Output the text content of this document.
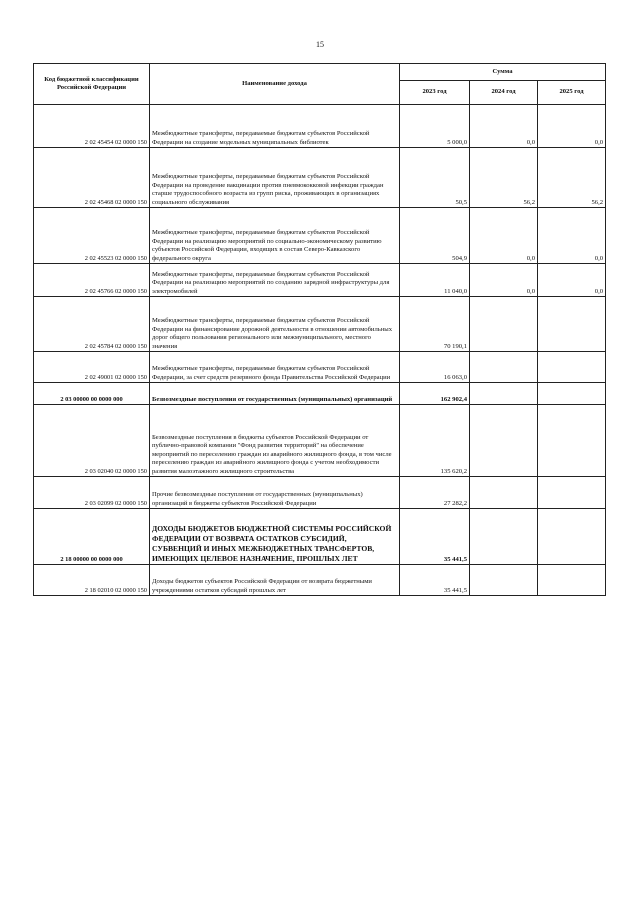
15
Код бюджетной классификации Российской Федерации	Наименование дохода	Сумма		
		2023 год	2024 год	2025 год
2 02 45454 02 0000 150	Межбюджетные трансферты, передаваемые бюджетам субъектов Российской Федерации на создание модельных муниципальных библиотек	5 000,0	0,0	0,0
2 02 45468 02 0000 150	Межбюджетные трансферты, передаваемые бюджетам субъектов Российской Федерации на проведение вакцинации против пневмококковой инфекции граждан старше трудоспособного возраста из групп риска, проживающих в организациях социального обслуживания	50,5	56,2	56,2
2 02 45523 02 0000 150	Межбюджетные трансферты, передаваемые бюджетам субъектов Российской Федерации на реализацию мероприятий по социально-экономическому развитию субъектов Российской Федерации, входящих в состав Северо-Кавказского федерального округа	504,9	0,0	0,0
2 02 45766 02 0000 150	Межбюджетные трансферты, передаваемые бюджетам субъектов Российской Федерации на реализацию мероприятий по созданию зарядной инфраструктуры для электромобилей	11 040,0	0,0	0,0
2 02 45784 02 0000 150	Межбюджетные трансферты, передаваемые бюджетам субъектов Российской Федерации на финансирование дорожной деятельности в отношении автомобильных дорог общего пользования регионального или межмуниципального, местного значения	70 190,1		
2 02 49001 02 0000 150	Межбюджетные трансферты, передаваемые бюджетам субъектов Российской Федерации, за счет средств резервного фонда Правительства Российской Федерации	16 063,0		
2 03 00000 00 0000 000	Безвозмездные поступления от государственных (муниципальных) организаций	162 902,4		
2 03 02040 02 0000 150	Безвозмездные поступления в бюджеты субъектов Российской Федерации от публично-правовой компании "Фонд развития территорий" на обеспечение мероприятий по переселению граждан из аварийного жилищного фонда, в том числе переселению граждан из аварийного жилищного фонда с учетом необходимости развития малоэтажного жилищного строительства	135 620,2		
2 03 02099 02 0000 150	Прочие безвозмездные поступления от государственных (муниципальных) организаций в бюджеты субъектов Российской Федерации	27 282,2		
2 18 00000 00 0000 000	ДОХОДЫ БЮДЖЕТОВ БЮДЖЕТНОЙ СИСТЕМЫ РОССИЙСКОЙ ФЕДЕРАЦИИ ОТ ВОЗВРАТА ОСТАТКОВ СУБСИДИЙ, СУБВЕНЦИЙ И ИНЫХ МЕЖБЮДЖЕТНЫХ ТРАНСФЕРТОВ, ИМЕЮЩИХ ЦЕЛЕВОЕ НАЗНАЧЕНИЕ, ПРОШЛЫХ ЛЕТ	35 441,5		
2 18 02010 02 0000 150	Доходы бюджетов субъектов Российской Федерации от возврата бюджетными учреждениями остатков субсидий прошлых лет	35 441,5		
